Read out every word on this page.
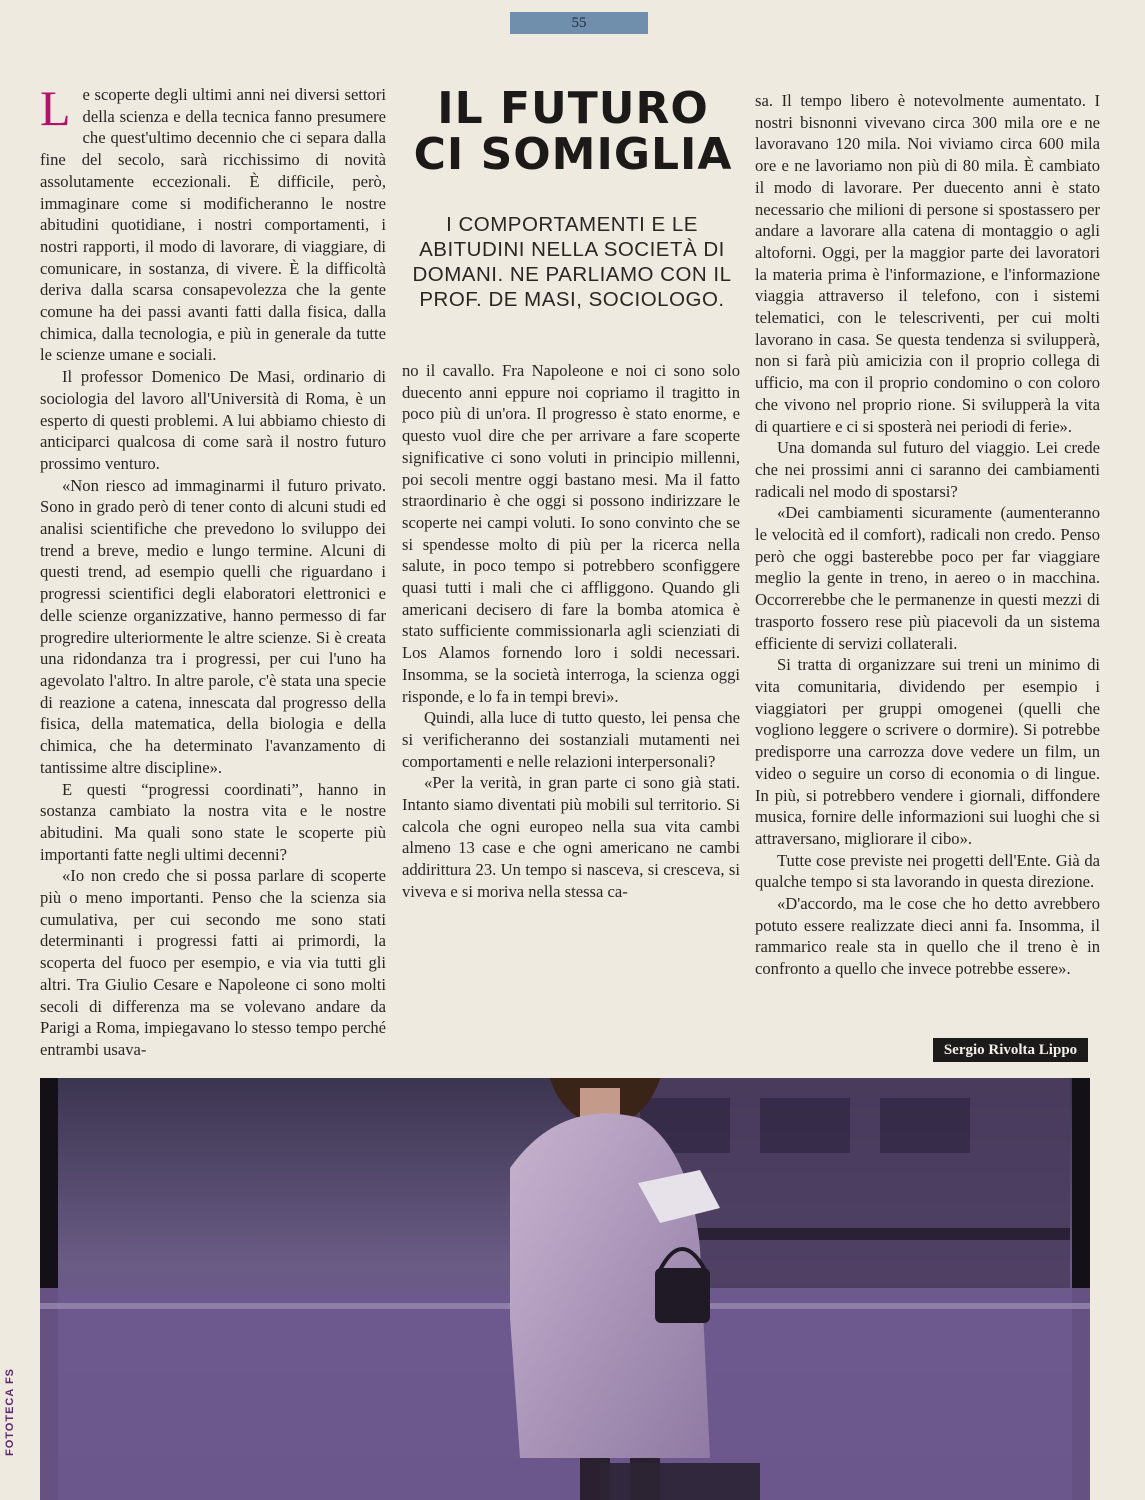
55

Le scoperte degli ultimi anni nei diversi settori della scienza e della tecnica fanno presumere che quest'ultimo decennio che ci separa dalla fine del secolo, sarà ricchissimo di novità assolutamente eccezionali. È difficile, però, immaginare come si modificheranno le nostre abitudini quotidiane, i nostri comportamenti, i nostri rapporti, il modo di lavorare, di viaggiare, di comunicare, in sostanza, di vivere. È la difficoltà deriva dalla scarsa consapevolezza che la gente comune ha dei passi avanti fatti dalla fisica, dalla chimica, dalla tecnologia, e più in generale da tutte le scienze umane e sociali.

Il professor Domenico De Masi, ordinario di sociologia del lavoro all'Università di Roma, è un esperto di questi problemi. A lui abbiamo chiesto di anticiparci qualcosa di come sarà il nostro futuro prossimo venturo.

«Non riesco ad immaginarmi il futuro privato. Sono in grado però di tener conto di alcuni studi ed analisi scientifiche che prevedono lo sviluppo dei trend a breve, medio e lungo termine. Alcuni di questi trend, ad esempio quelli che riguardano i progressi scientifici degli elaboratori elettronici e delle scienze organizzative, hanno permesso di far progredire ulteriormente le altre scienze. Si è creata una ridondanza tra i progressi, per cui l'uno ha agevolato l'altro. In altre parole, c'è stata una specie di reazione a catena, innescata dal progresso della fisica, della matematica, della biologia e della chimica, che ha determinato l'avanzamento di tantissime altre discipline».

E questi “progressi coordinati”, hanno in sostanza cambiato la nostra vita e le nostre abitudini. Ma quali sono state le scoperte più importanti fatte negli ultimi decenni?

«Io non credo che si possa parlare di scoperte più o meno importanti. Penso che la scienza sia cumulativa, per cui secondo me sono stati determinanti i progressi fatti ai primordi, la scoperta del fuoco per esempio, e via via tutti gli altri. Tra Giulio Cesare e Napoleone ci sono molti secoli di differenza ma se volevano andare da Parigi a Roma, impiegavano lo stesso tempo perché entrambi usava-

IL FUTURO
CI SOMIGLIA

I COMPORTAMENTI E LE ABITUDINI NELLA SOCIETÀ DI DOMANI. NE PARLIAMO CON IL PROF. DE MASI, SOCIOLOGO.

no il cavallo. Fra Napoleone e noi ci sono solo duecento anni eppure noi copriamo il tragitto in poco più di un'ora. Il progresso è stato enorme, e questo vuol dire che per arrivare a fare scoperte significative ci sono voluti in principio millenni, poi secoli mentre oggi bastano mesi. Ma il fatto straordinario è che oggi si possono indirizzare le scoperte nei campi voluti. Io sono convinto che se si spendesse molto di più per la ricerca nella salute, in poco tempo si potrebbero sconfiggere quasi tutti i mali che ci affliggono. Quando gli americani decisero di fare la bomba atomica è stato sufficiente commissionarla agli scienziati di Los Alamos fornendo loro i soldi necessari. Insomma, se la società interroga, la scienza oggi risponde, e lo fa in tempi brevi».

Quindi, alla luce di tutto questo, lei pensa che si verificheranno dei sostanziali mutamenti nei comportamenti e nelle relazioni interpersonali?

«Per la verità, in gran parte ci sono già stati. Intanto siamo diventati più mobili sul territorio. Si calcola che ogni europeo nella sua vita cambi almeno 13 case e che ogni americano ne cambi addirittura 23. Un tempo si nasceva, si cresceva, si viveva e si moriva nella stessa ca-

sa. Il tempo libero è notevolmente aumentato. I nostri bisnonni vivevano circa 300 mila ore e ne lavoravano 120 mila. Noi viviamo circa 600 mila ore e ne lavoriamo non più di 80 mila. È cambiato il modo di lavorare. Per duecento anni è stato necessario che milioni di persone si spostassero per andare a lavorare alla catena di montaggio o agli altoforni. Oggi, per la maggior parte dei lavoratori la materia prima è l'informazione, e l'informazione viaggia attraverso il telefono, con i sistemi telematici, con le telescriventi, per cui molti lavorano in casa. Se questa tendenza si svilupperà, non si farà più amicizia con il proprio collega di ufficio, ma con il proprio condomino o con coloro che vivono nel proprio rione. Si svilupperà la vita di quartiere e ci si sposterà nei periodi di ferie».

Una domanda sul futuro del viaggio. Lei crede che nei prossimi anni ci saranno dei cambiamenti radicali nel modo di spostarsi?

«Dei cambiamenti sicuramente (aumenteranno le velocità ed il comfort), radicali non credo. Penso però che oggi basterebbe poco per far viaggiare meglio la gente in treno, in aereo o in macchina. Occorrerebbe che le permanenze in questi mezzi di trasporto fossero rese più piacevoli da un sistema efficiente di servizi collaterali.

Si tratta di organizzare sui treni un minimo di vita comunitaria, dividendo per esempio i viaggiatori per gruppi omogenei (quelli che vogliono leggere o scrivere o dormire). Si potrebbe predisporre una carrozza dove vedere un film, un video o seguire un corso di economia o di lingue. In più, si potrebbero vendere i giornali, diffondere musica, fornire delle informazioni sui luoghi che si attraversano, migliorare il cibo».

Tutte cose previste nei progetti dell'Ente. Già da qualche tempo si sta lavorando in questa direzione.

«D'accordo, ma le cose che ho detto avrebbero potuto essere realizzate dieci anni fa. Insomma, il rammarico reale sta in quello che il treno è in confronto a quello che invece potrebbe essere».

Sergio Rivolta Lippo
FOTOTECA FS
